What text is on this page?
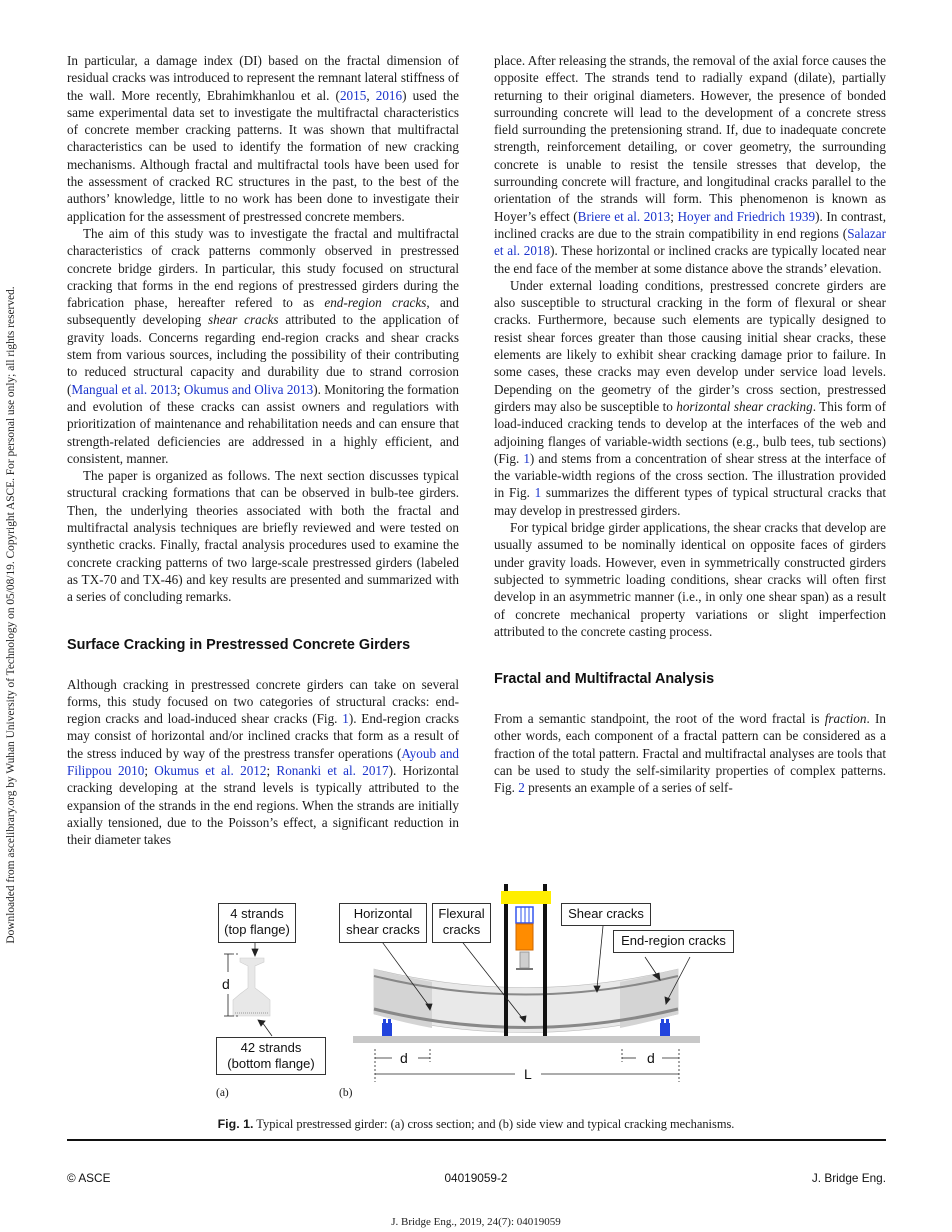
Downloaded from ascelibrary.org by Wuhan University of Technology on 05/08/19. Copyright ASCE. For personal use only; all rights reserved.

In particular, a damage index (DI) based on the fractal dimension of residual cracks was introduced to represent the remnant lateral stiffness of the wall. More recently, Ebrahimkhanlou et al. (2015, 2016) used the same experimental data set to investigate the multifractal characteristics of concrete member cracking patterns. It was shown that multifractal characteristics can be used to identify the formation of new cracking mechanisms. Although fractal and multifractal tools have been used for the assessment of cracked RC structures in the past, to the best of the authors’ knowledge, little to no work has been done to investigate their application for the assessment of prestressed concrete members.

The aim of this study was to investigate the fractal and multifractal characteristics of crack patterns commonly observed in prestressed concrete bridge girders. In particular, this study focused on structural cracking that forms in the end regions of prestressed girders during the fabrication phase, hereafter refered to as end-region cracks, and subsequently developing shear cracks attributed to the application of gravity loads. Concerns regarding end-region cracks and shear cracks stem from various sources, including the possibility of their contributing to reduced structural capacity and durability due to strand corrosion (Mangual et al. 2013; Okumus and Oliva 2013). Monitoring the formation and evolution of these cracks can assist owners and regulatiors with prioritization of maintenance and rehabilitation needs and can ensure that strength-related deficiencies are addressed in a highly efficient, and consistent, manner.

The paper is organized as follows. The next section discusses typical structural cracking formations that can be observed in bulb-tee girders. Then, the underlying theories associated with both the fractal and multifractal analysis techniques are briefly reviewed and were tested on synthetic cracks. Finally, fractal analysis procedures used to examine the concrete cracking patterns of two large-scale prestressed girders (labeled as TX-70 and TX-46) and key results are presented and summarized with a series of concluding remarks.

Surface Cracking in Prestressed Concrete Girders

Although cracking in prestressed concrete girders can take on several forms, this study focused on two categories of structural cracks: end-region cracks and load-induced shear cracks (Fig. 1). End-region cracks may consist of horizontal and/or inclined cracks that form as a result of the stress induced by way of the prestress transfer operations (Ayoub and Filippou 2010; Okumus et al. 2012; Ronanki et al. 2017). Horizontal cracking developing at the strand levels is typically attributed to the expansion of the strands in the end regions. When the strands are initially axially tensioned, due to the Poisson’s effect, a significant reduction in their diameter takes

place. After releasing the strands, the removal of the axial force causes the opposite effect. The strands tend to radially expand (dilate), partially returning to their original diameters. However, the presence of bonded surrounding concrete will lead to the development of a concrete stress field surrounding the pretensioning strand. If, due to inadequate concrete strength, reinforcement detailing, or cover geometry, the surrounding concrete is unable to resist the tensile stresses that develop, the surrounding concrete will fracture, and longitudinal cracks parallel to the orientation of the strands will form. This phenomenon is known as Hoyer’s effect (Briere et al. 2013; Hoyer and Friedrich 1939). In contrast, inclined cracks are due to the strain compatibility in end regions (Salazar et al. 2018). These horizontal or inclined cracks are typically located near the end face of the member at some distance above the strands’ elevation.

Under external loading conditions, prestressed concrete girders are also susceptible to structural cracking in the form of flexural or shear cracks. Furthermore, because such elements are typically designed to resist shear forces greater than those causing initial shear cracks, these elements are likely to exhibit shear cracking damage prior to failure. In some cases, these cracks may even develop under service load levels. Depending on the geometry of the girder’s cross section, prestressed girders may also be susceptible to horizontal shear cracking. This form of load-induced cracking tends to develop at the interfaces of the web and adjoining flanges of variable-width sections (e.g., bulb tees, tub sections) (Fig. 1) and stems from a concentration of shear stress at the interface of the variable-width regions of the cross section. The illustration provided in Fig. 1 summarizes the different types of typical structural cracks that may develop in prestressed girders.

For typical bridge girder applications, the shear cracks that develop are usually assumed to be nominally identical on opposite faces of girders under gravity loads. However, even in symmetrically constructed girders subjected to symmetric loading conditions, shear cracks will often first develop in an asymmetric manner (i.e., in only one shear span) as a result of concrete mechanical property variations or slight imperfection attributed to the concrete casting process.

Fractal and Multifractal Analysis

From a semantic standpoint, the root of the word fractal is fraction. In other words, each component of a fractal pattern can be considered as a fraction of the total pattern. Fractal and multifractal analyses are tools that can be used to study the self-similarity properties of complex patterns. Fig. 2 presents an example of a series of self-

4 strands
(top flange)
42 strands
(bottom flange)
Horizontal
shear cracks
Flexural
cracks
Shear cracks
End-region cracks
d
d	d
L
(a)	(b)
Fig. 1. Typical prestressed girder: (a) cross section; and (b) side view and typical cracking mechanisms.
© ASCE	04019059-2	J. Bridge Eng.
J. Bridge Eng., 2019, 24(7): 04019059
